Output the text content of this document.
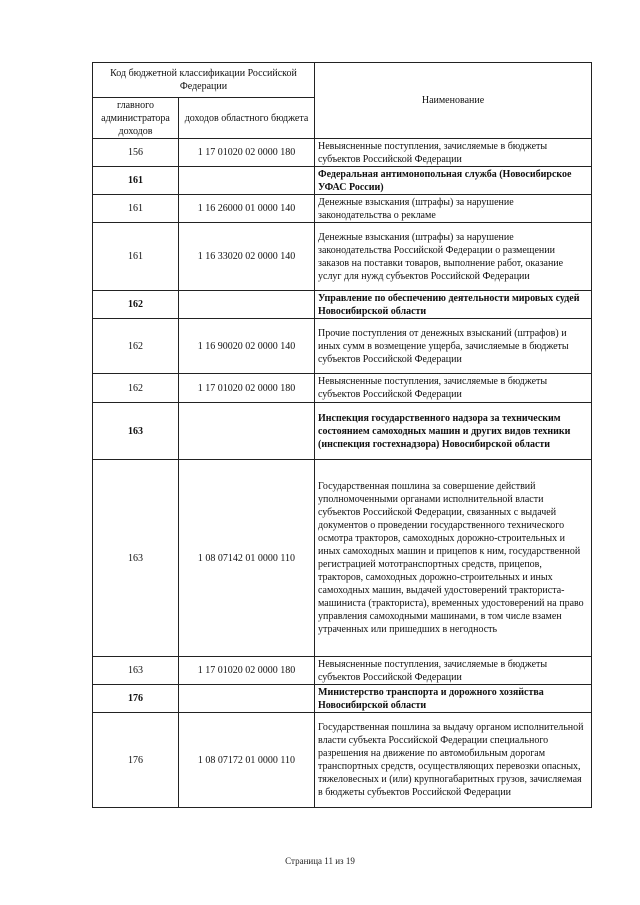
Код бюджетной классификации Российской Федерации		Наименование
главного администратора доходов	доходов областного бюджета	
156	1 17 01020 02 0000 180	Невыясненные поступления, зачисляемые в бюджеты субъектов Российской Федерации
161		Федеральная антимонопольная служба (Новосибирское УФАС России)
161	1 16 26000 01 0000 140	Денежные взыскания (штрафы) за нарушение законодательства о рекламе
161	1 16 33020 02 0000 140	Денежные взыскания (штрафы) за нарушение законодательства Российской Федерации о размещении заказов на поставки товаров, выполнение работ, оказание услуг для нужд субъектов Российской Федерации
162		Управление по обеспечению деятельности мировых судей Новосибирской области
162	1 16 90020 02 0000 140	Прочие поступления от денежных взысканий (штрафов) и иных сумм в возмещение ущерба, зачисляемые в бюджеты субъектов Российской Федерации
162	1 17 01020 02 0000 180	Невыясненные поступления, зачисляемые в бюджеты субъектов Российской Федерации
163		Инспекция государственного надзора за техническим состоянием самоходных машин и других видов техники (инспекция гостехнадзора) Новосибирской области
163	1 08 07142 01 0000 110	Государственная пошлина за совершение действий уполномоченными органами исполнительной власти субъектов Российской Федерации, связанных с выдачей документов о проведении государственного технического осмотра тракторов, самоходных дорожно-строительных и иных самоходных машин и прицепов к ним, государственной регистрацией мототранспортных средств, прицепов, тракторов, самоходных дорожно-строительных и иных самоходных машин, выдачей удостоверений тракториста-машиниста (тракториста), временных удостоверений на право управления самоходными машинами, в том числе взамен утраченных или пришедших в негодность
163	1 17 01020 02 0000 180	Невыясненные поступления, зачисляемые в бюджеты субъектов Российской Федерации
176		Министерство транспорта и дорожного хозяйства Новосибирской области
176	1 08 07172 01 0000 110	Государственная пошлина за выдачу органом исполнительной власти субъекта Российской Федерации специального разрешения на движение по автомобильным дорогам транспортных средств, осуществляющих перевозки опасных, тяжеловесных и (или) крупногабаритных грузов, зачисляемая в бюджеты субъектов Российской Федерации
Страница 11 из 19
